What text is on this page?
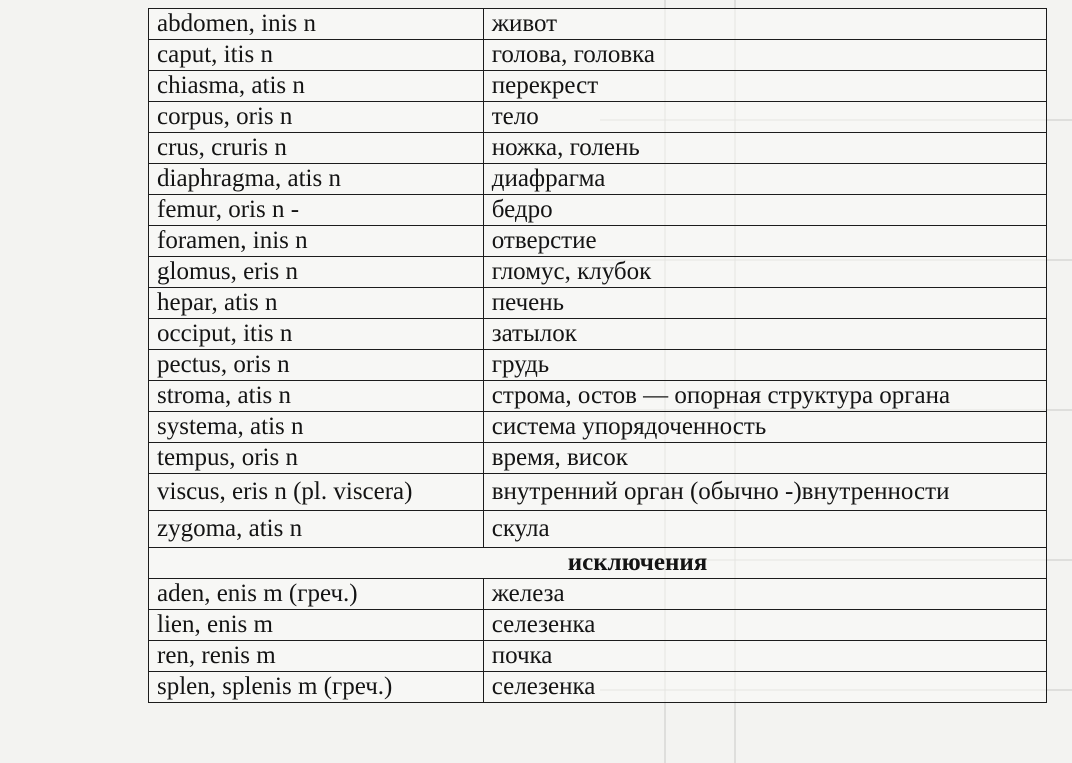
abdomen, inis n	живот
caput, itis n	голова, головка
chiasma, atis n	перекрест
corpus, oris n	тело
crus, cruris n	ножка, голень
diaphragma, atis n	диафрагма
femur, oris n -	бедро
foramen, inis n	отверстие
glomus, eris n	гломус, клубок
hepar, atis n	печень
occiput, itis n	затылок
pectus, oris n	грудь
stroma, atis n	строма, остов — опорная структура органа
systema, atis n	система упорядоченность
tempus, oris n	время, висок
viscus, eris n (pl. viscera)	внутренний орган (обычно -)внутренности
zygoma, atis n	скула
исключения	
aden, enis m (греч.)	железа
lien, enis m	селезенка
ren, renis m	почка
splen, splenis m (греч.)	селезенка
